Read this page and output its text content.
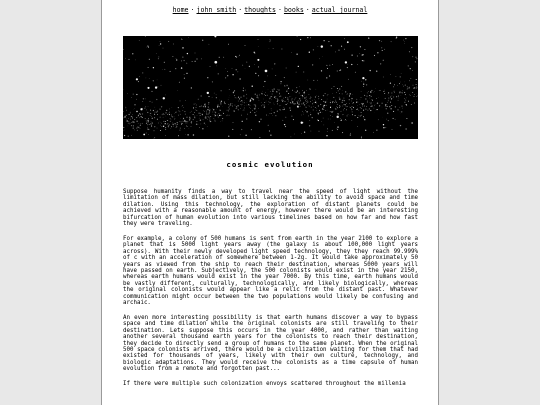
home · john smith · thoughts · books · actual journal
cosmic evolution

Suppose humanity finds a way to travel near the speed of light without the limitation of mass dilation, but still lacking the ability to avoid space and time dilation. Using this technology, the exploration of distant planets could be achieved with a reasonable amount of energy, however there would be an interesting bifurcation of human evolution into various timelines based on how far and how fast they were traveling.

For example, a colony of 500 humans is sent from earth in the year 2100 to explore a planet that is 5000 light years away (the galaxy is about 100,000 light years across). With their newly developed light speed technology, they they reach 99.999% of c with an acceleration of somewhere between 1-2g. It would take approximately 50 years as viewed from the ship to reach their destination, whereas 5000 years will have passed on earth. Subjectively, the 500 colonists would exist in the year 2150, whereas earth humans would exist in the year 7000. By this time, earth humans would be vastly different, culturally, technologically, and likely biologically, whereas the original colonists would appear like a relic from the distant past. Whatever communication might occur between the two populations would likely be confusing and archaic.

An even more interesting possibility is that earth humans discover a way to bypass space and time dilation while the original colonists are still traveling to their destination. Lets suppose this occurs in the year 4000, and rather than waiting another several thousand earth years for the colonists to reach their destination, they decide to directly send a group of humans to the same planet. When the original 500 space colonists arrived, there would be a civilization waiting for them that had existed for thousands of years, likely with their own culture, technology, and biologic adaptations. They would receive the colonists as a time capsule of human evolution from a remote and forgotten past...

If there were multiple such colonization envoys scattered throughout the millenia
